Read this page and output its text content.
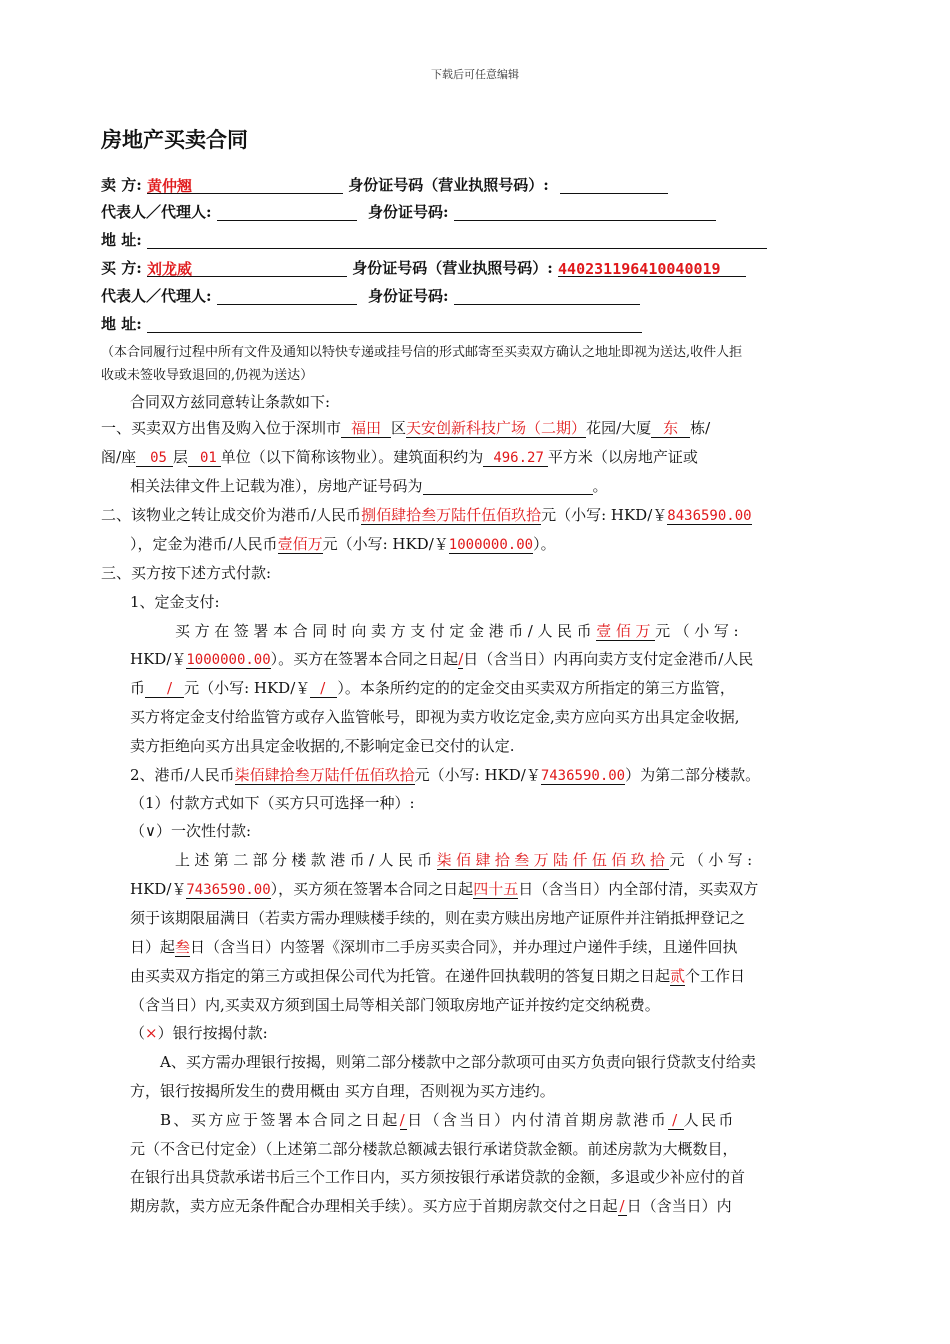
下载后可任意编辑
房地产买卖合同
卖 方: 黄仲翘	身份证号码（营业执照号码）:
代表人／代理人:	身份证号码:
地 址:
买 方: 刘龙威	身份证号码（营业执照号码）: 440231196410040019
代表人／代理人:	身份证号码:
地 址:
（本合同履行过程中所有文件及通知以特快专递或挂号信的形式邮寄至买卖双方确认之地址即视为送达,收件人拒
收或未签收导致退回的,仍视为送达）
合同双方兹同意转让条款如下:
一、买卖双方出售及购入位于深圳市 福田 区天安创新科技广场（二期）花园/大厦 东 栋/
阁/座 05 层 01 单位（以下简称该物业）。建筑面积约为 496.27 平方米（以房地产证或
相关法律文件上记载为准），房地产证号码为	。
二、该物业之转让成交价为港币/人民币捌佰肆拾叁万陆仟伍佰玖拾元（小写: HKD/￥8436590.00
），定金为港币/人民币壹佰万元（小写: HKD/￥1000000.00）。
三、买方按下述方式付款:
1、定金支付:
买方在签署本合同时向卖方支付定金港币/人民币壹佰万元（小写:
HKD/￥1000000.00）。买方在签署本合同之日起/日（含当日）内再向卖方支付定金港币/人民
币 / 元（小写: HKD/￥ / ）。本条所约定的的定金交由买卖双方所指定的第三方监管，
买方将定金支付给监管方或存入监管帐号，即视为卖方收讫定金,卖方应向买方出具定金收据,
卖方拒绝向买方出具定金收据的,不影响定金已交付的认定.
2、港币/人民币柒佰肆拾叁万陆仟伍佰玖拾元（小写: HKD/￥7436590.00）为第二部分楼款。
（1）付款方式如下（买方只可选择一种）:
（∨）一次性付款:
上述第二部分楼款港币/人民币柒佰肆拾叁万陆仟伍佰玖拾元（小写:
HKD/￥7436590.00），买方须在签署本合同之日起四十五日（含当日）内全部付清，买卖双方
须于该期限届满日（若卖方需办理赎楼手续的，则在卖方赎出房地产证原件并注销抵押登记之
日）起叁日（含当日）内签署《深圳市二手房买卖合同》，并办理过户递件手续，且递件回执
由买卖双方指定的第三方或担保公司代为托管。在递件回执载明的答复日期之日起贰个工作日
（含当日）内,买卖双方须到国土局等相关部门领取房地产证并按约定交纳税费。
（×）银行按揭付款:
A、买方需办理银行按揭，则第二部分楼款中之部分款项可由买方负责向银行贷款支付给卖
方，银行按揭所发生的费用概由 买方自理，否则视为买方违约。
B、买方应于签署本合同之日起/日（含当日）内付清首期房款港币 / 人民币
元（不含已付定金）（上述第二部分楼款总额减去银行承诺贷款金额。前述房款为大概数目，
在银行出具贷款承诺书后三个工作日内，买方须按银行承诺贷款的金额，多退或少补应付的首
期房款，卖方应无条件配合办理相关手续）。买方应于首期房款交付之日起 / 日（含当日）内
